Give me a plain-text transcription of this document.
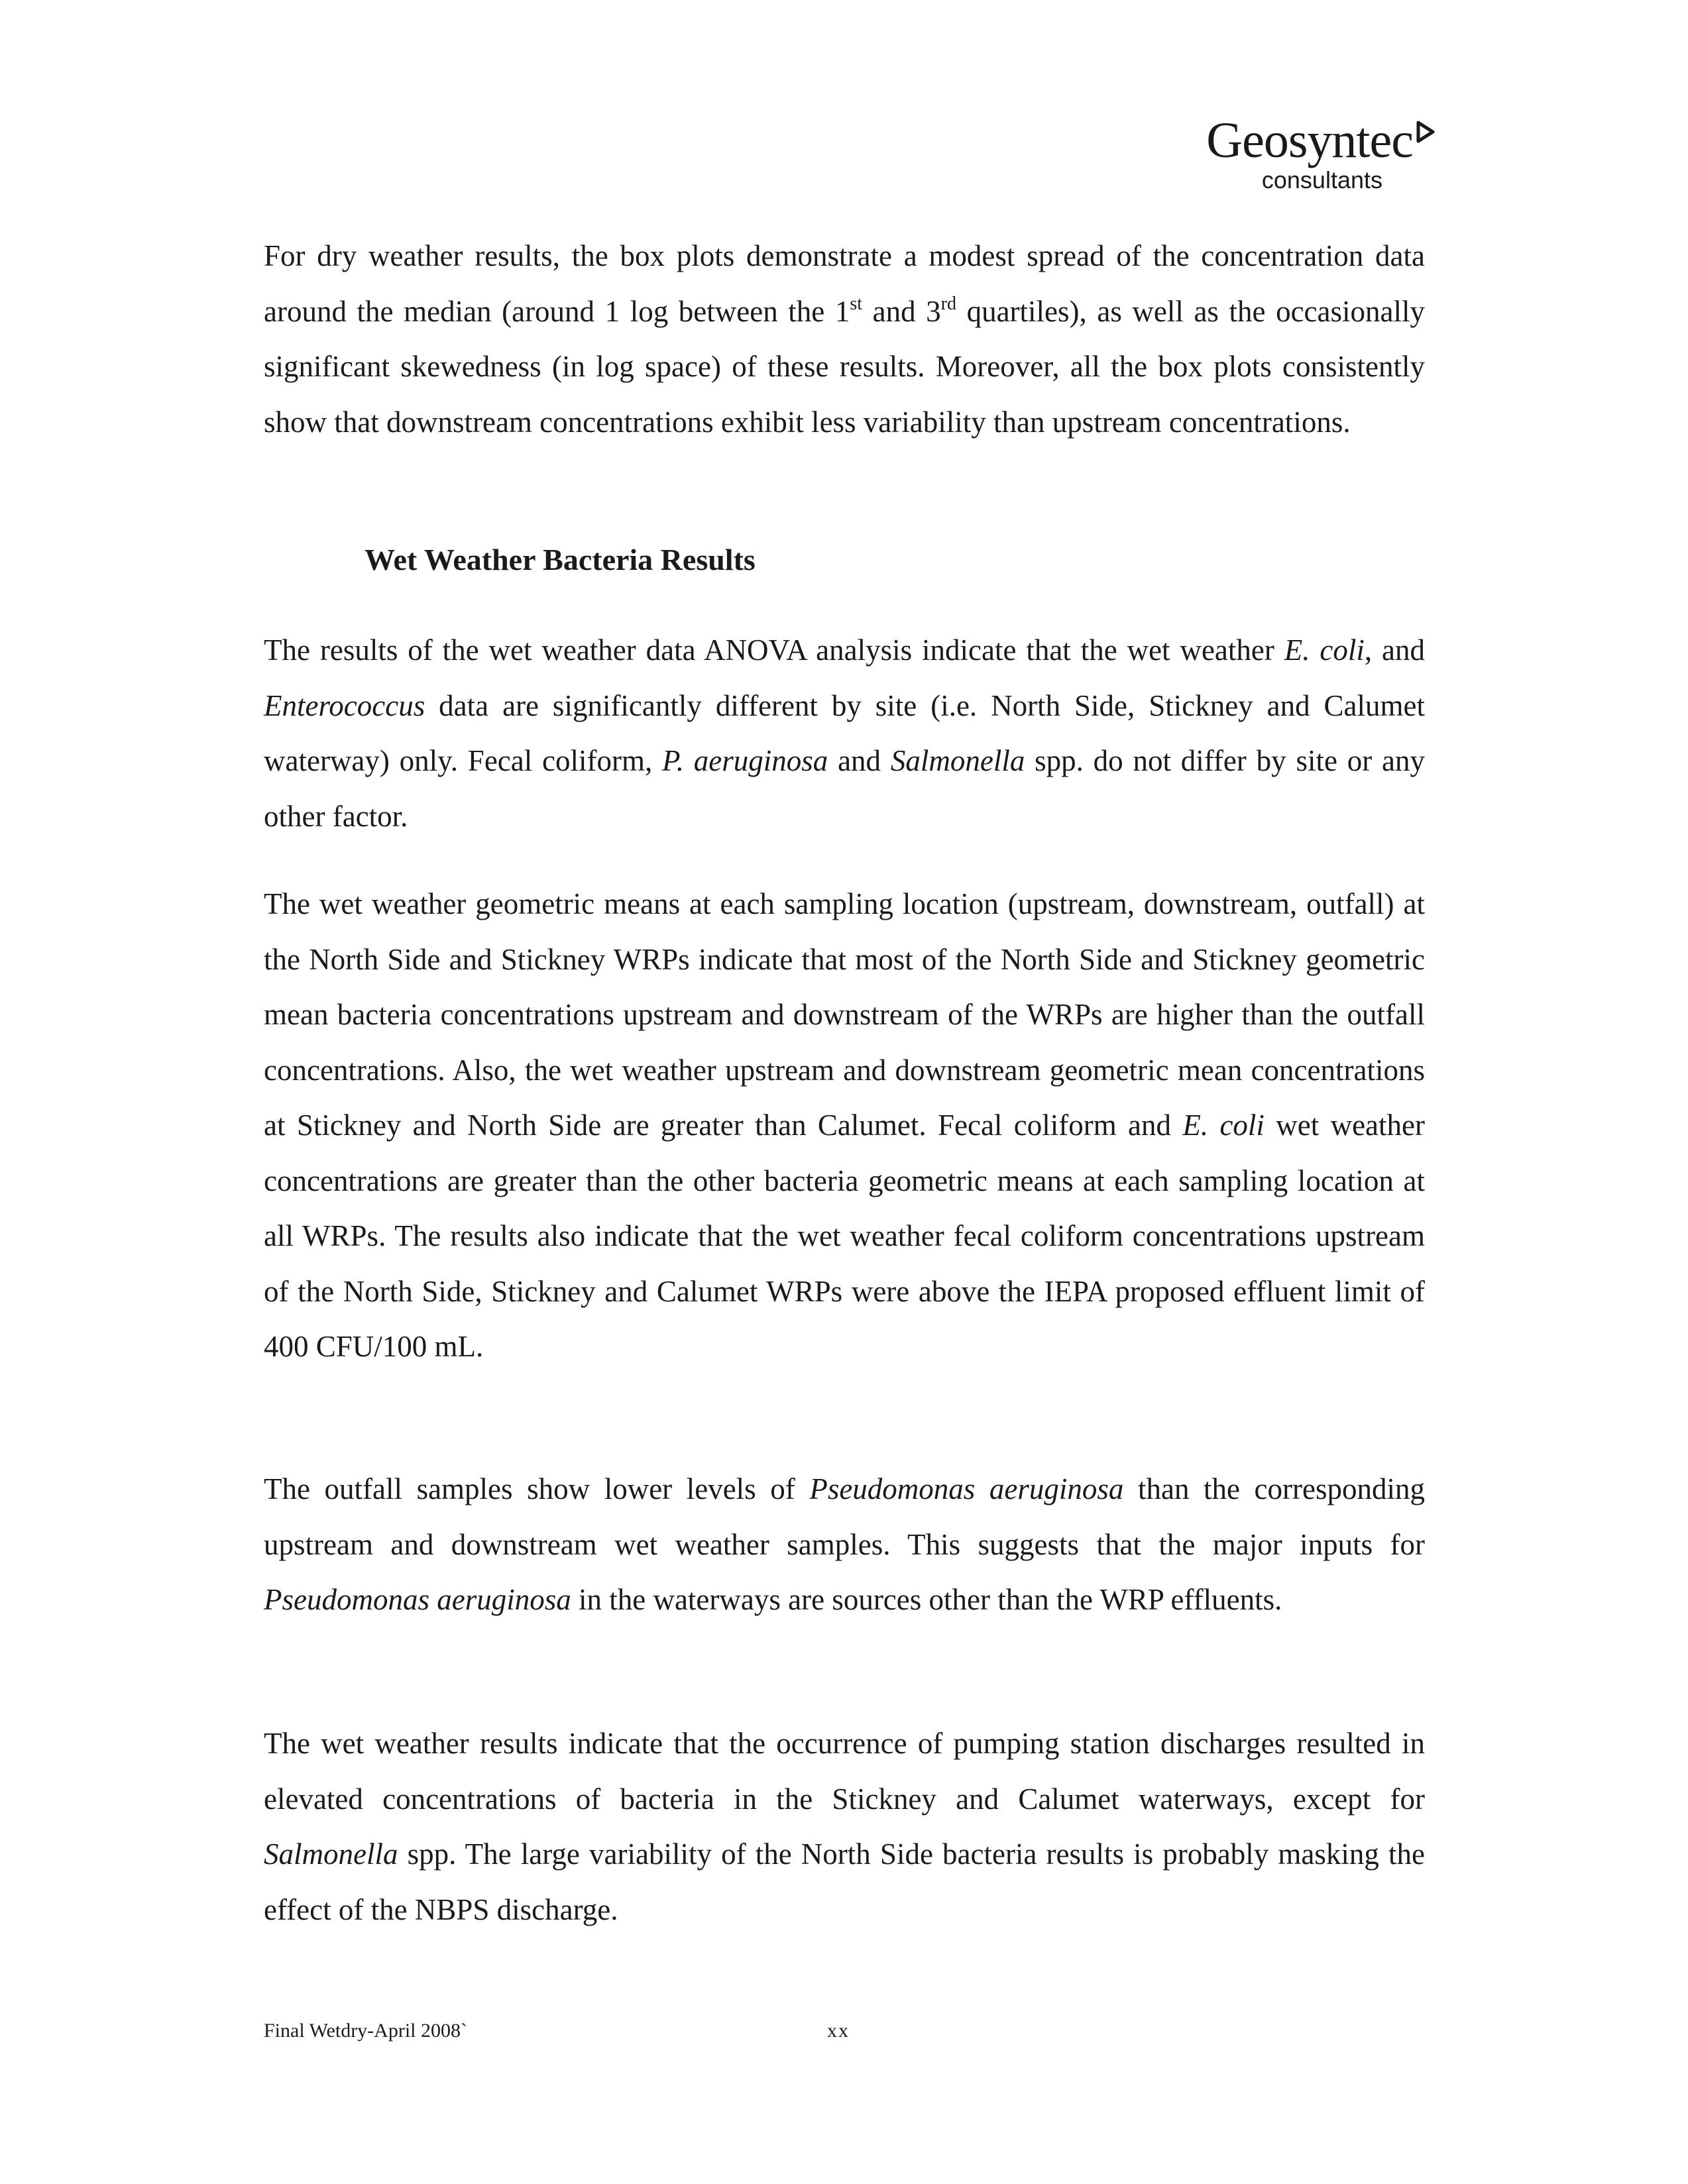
Geosyntec
consultants

For dry weather results, the box plots demonstrate a modest spread of the concentration data around the median (around 1 log between the 1st and 3rd quartiles), as well as the occasionally significant skewedness (in log space) of these results. Moreover, all the box plots consistently show that downstream concentrations exhibit less variability than upstream concentrations.

Wet Weather Bacteria Results

The results of the wet weather data ANOVA analysis indicate that the wet weather E. coli, and Enterococcus data are significantly different by site (i.e. North Side, Stickney and Calumet waterway) only. Fecal coliform, P. aeruginosa and Salmonella spp. do not differ by site or any other factor.

The wet weather geometric means at each sampling location (upstream, downstream, outfall) at the North Side and Stickney WRPs indicate that most of the North Side and Stickney geometric mean bacteria concentrations upstream and downstream of the WRPs are higher than the outfall concentrations. Also, the wet weather upstream and downstream geometric mean concentrations at Stickney and North Side are greater than Calumet. Fecal coliform and E. coli wet weather concentrations are greater than the other bacteria geometric means at each sampling location at all WRPs. The results also indicate that the wet weather fecal coliform concentrations upstream of the North Side, Stickney and Calumet WRPs were above the IEPA proposed effluent limit of 400 CFU/100 mL.

The outfall samples show lower levels of Pseudomonas aeruginosa than the corresponding upstream and downstream wet weather samples. This suggests that the major inputs for Pseudomonas aeruginosa in the waterways are sources other than the WRP effluents.

The wet weather results indicate that the occurrence of pumping station discharges resulted in elevated concentrations of bacteria in the Stickney and Calumet waterways, except for Salmonella spp. The large variability of the North Side bacteria results is probably masking the effect of the NBPS discharge.

Final Wetdry-April 2008`	xx
